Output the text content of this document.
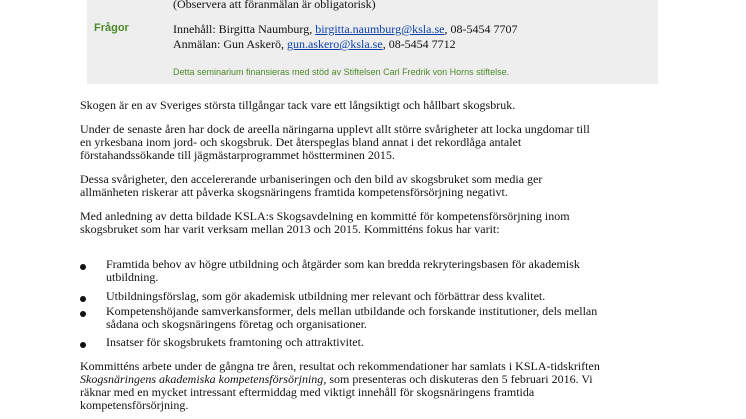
(Observera att föranmälan är obligatorisk)
Frågor	Innehåll: Birgitta Naumburg, birgitta.naumburg@ksla.se, 08-5454 7707
Anmälan: Gun Askerö, gun.askero@ksla.se, 08-5454 7712
Detta seminarium finansieras med stöd av Stiftelsen Carl Fredrik von Horns stiftelse.
Skogen är en av Sveriges största tillgångar tack vare ett långsiktigt och hållbart skogsbruk.
Under de senaste åren har dock de areella näringarna upplevt allt större svårigheter att locka ungdomar till
en yrkesbana inom jord- och skogsbruk. Det återspeglas bland annat i det rekordlåga antalet
förstahandssökande till jägmästarprogrammet höstterminen 2015.
Dessa svårigheter, den accelererande urbaniseringen och den bild av skogsbruket som media ger
allmänheten riskerar att påverka skogsnäringens framtida kompetensförsörjning negativt.
Med anledning av detta bildade KSLA:s Skogsavdelning en kommitté för kompetensförsörjning inom
skogsbruket som har varit verksam mellan 2013 och 2015. Kommitténs fokus har varit:
Framtida behov av högre utbildning och åtgärder som kan bredda rekryteringsbasen för akademisk
utbildning.
Utbildningsförslag, som gör akademisk utbildning mer relevant och förbättrar dess kvalitet.
Kompetenshöjande samverkansformer, dels mellan utbildande och forskande institutioner, dels mellan
sådana och skogsnäringens företag och organisationer.
Insatser för skogsbrukets framtoning och attraktivitet.
Kommitténs arbete under de gångna tre åren, resultat och rekommendationer har samlats i KSLA-tidskriften
Skogsnäringens akademiska kompetensförsörjning, som presenteras och diskuteras den 5 februari 2016. Vi
räknar med en mycket intressant eftermiddag med viktigt innehåll för skogsnäringens framtida
kompetensförsörjning.
